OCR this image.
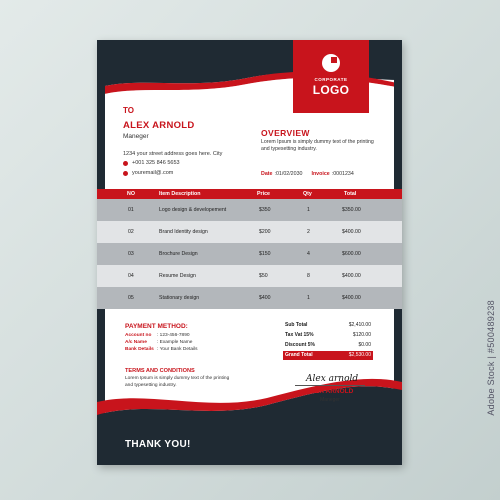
CORPORATE
LOGO
TO
ALEX ARNOLD
Maneger
1234 your street address goes here. City
+001 325 846 5653
youremail@.com
OVERVIEW
Lorem Ipsum is simply dummy text of the printing and typesetting industry.
Date :01/02/2030 Invoice :0001234
NO	Item Description	Price	Qty	Total
01	Logo design & developement	$350	1	$350.00
02	Brand Identity design	$200	2	$400.00
03	Brochure Design	$150	4	$600.00
04	Resume Design	$50	8	$400.00
05	Stationary design	$400	1	$400.00
PAYMENT METHOD:
Account no : 123-456-7890
A/c Name : Example Name
Bank Details : Your Bank Details
TERMS AND CONDITIONS
Lorem Ipsum is simply dummy text of the printing and typesetting industry.
Sub Total	$2,410.00
Tax Vat 15%	$120.00
Discount 5%	$0.00
Grand Total	$2,530.00
Alex arnold
ALEX ARNOLD
Maneger
THANK YOU!
Adobe Stock | #500489238
